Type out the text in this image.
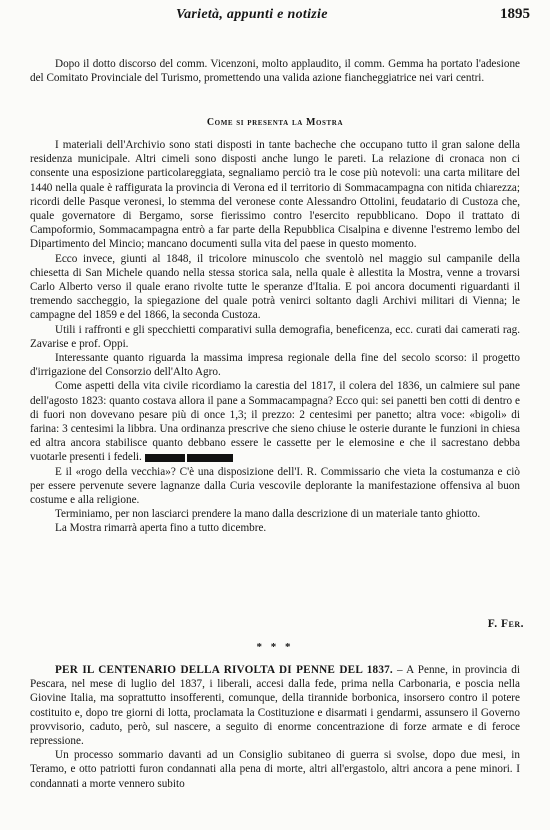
Varietà, appunti e notizie	1895

Dopo il dotto discorso del comm. Vicenzoni, molto applaudito, il comm. Gemma ha portato l'adesione del Comitato Provinciale del Turismo, promettendo una valida azione fiancheggiatrice nei vari centri.

Come si presenta la Mostra

I materiali dell'Archivio sono stati disposti in tante bacheche che occupano tutto il gran salone della residenza municipale. Altri cimeli sono disposti anche lungo le pareti. La relazione di cronaca non ci consente una esposizione particolareggiata, segnaliamo perciò tra le cose più notevoli: una carta militare del 1440 nella quale è raffigurata la provincia di Verona ed il territorio di Sommacampagna con nitida chiarezza; ricordi delle Pasque veronesi, lo stemma del veronese conte Alessandro Ottolini, feudatario di Custoza che, quale governatore di Bergamo, sorse fierissimo contro l'esercito repubblicano. Dopo il trattato di Campoformio, Sommacampagna entrò a far parte della Repubblica Cisalpina e divenne l'estremo lembo del Dipartimento del Mincio; mancano documenti sulla vita del paese in questo momento.

Ecco invece, giunti al 1848, il tricolore minuscolo che sventolò nel maggio sul campanile della chiesetta di San Michele quando nella stessa storica sala, nella quale è allestita la Mostra, venne a trovarsi Carlo Alberto verso il quale erano rivolte tutte le speranze d'Italia. E poi ancora documenti riguardanti il tremendo saccheggio, la spiegazione del quale potrà venirci soltanto dagli Archivi militari di Vienna; le campagne del 1859 e del 1866, la seconda Custoza.

Utili i raffronti e gli specchietti comparativi sulla demografia, beneficenza, ecc. curati dai camerati rag. Zavarise e prof. Oppi.

Interessante quanto riguarda la massima impresa regionale della fine del secolo scorso: il progetto d'irrigazione del Consorzio dell'Alto Agro.

Come aspetti della vita civile ricordiamo la carestia del 1817, il colera del 1836, un calmiere sul pane dell'agosto 1823: quanto costava allora il pane a Sommacampagna? Ecco qui: sei panetti ben cotti di dentro e di fuori non dovevano pesare più di once 1,3; il prezzo: 2 centesimi per panetto; altra voce: «bigoli» di farina: 3 centesimi la libbra. Una ordinanza prescrive che sieno chiuse le osterie durante le funzioni in chiesa ed altra ancora stabilisce quanto debbano essere le cassette per le elemosine e che il sacrestano debba vuotarle presenti i fedeli.

E il «rogo della vecchia»? C'è una disposizione dell'I. R. Commissario che vieta la costumanza e ciò per essere pervenute severe lagnanze dalla Curia vescovile deplorante la manifestazione offensiva al buon costume e alla religione.

Terminiamo, per non lasciarci prendere la mano dalla descrizione di un materiale tanto ghiotto.

La Mostra rimarrà aperta fino a tutto dicembre.

F. Fer.
* * *

PER IL CENTENARIO DELLA RIVOLTA DI PENNE DEL 1837. – A Penne, in provincia di Pescara, nel mese di luglio del 1837, i liberali, accesi dalla fede, prima nella Carbonaria, e poscia nella Giovine Italia, ma soprattutto insofferenti, comunque, della tirannide borbonica, insorsero contro il potere costituito e, dopo tre giorni di lotta, proclamata la Costituzione e disarmati i gendarmi, assunsero il Governo provvisorio, caduto, però, sul nascere, a seguito di enorme concentrazione di forze armate e di feroce repressione.

Un processo sommario davanti ad un Consiglio subitaneo di guerra si svolse, dopo due mesi, in Teramo, e otto patriotti furon condannati alla pena di morte, altri all'ergastolo, altri ancora a pene minori. I condannati a morte vennero subito
